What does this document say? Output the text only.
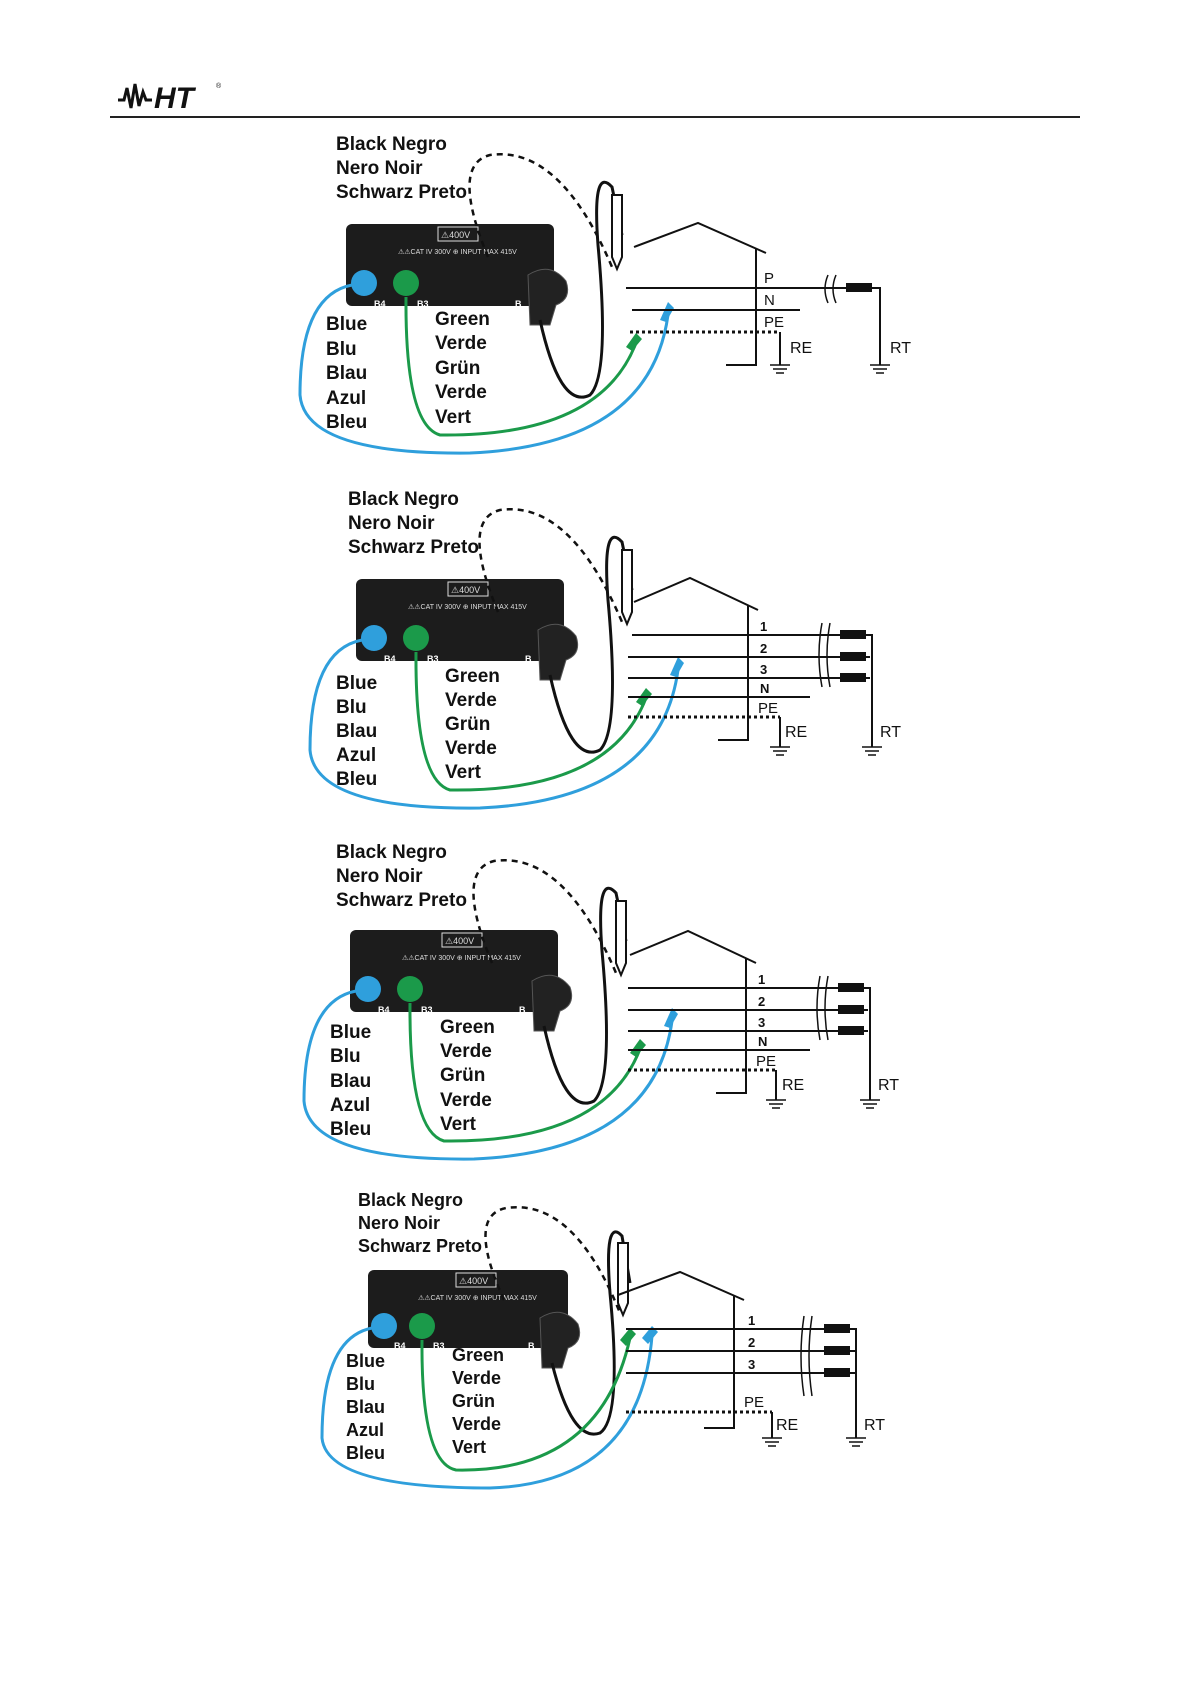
HT	®
Black Negro
Nero Noir
Schwarz Preto
⚠400V
⚠⚠CAT IV 300V ⊕ INPUT MAX 415V
B4	B3	B
Blue
Blu
Blau
Azul
Bleu
Green
Verde
Grün
Verde
Vert
P
N
PE
RE	RT
Black Negro
Nero Noir
Schwarz Preto
⚠400V
⚠⚠CAT IV 300V ⊕ INPUT MAX 415V
B4	B3	B
Blue
Blu
Blau
Azul
Bleu
Green
Verde
Grün
Verde
Vert
1
2
3
N
PE
RE	RT
Black Negro
Nero Noir
Schwarz Preto
⚠400V
⚠⚠CAT IV 300V ⊕ INPUT MAX 415V
B4	B3	B
Blue
Blu
Blau
Azul
Bleu
Green
Verde
Grün
Verde
Vert
1
2
3
N
PE
RE	RT
Black Negro
Nero Noir
Schwarz Preto
⚠400V
⚠⚠CAT IV 300V ⊕ INPUT MAX 415V
B4	B3	B
Blue
Blu
Blau
Azul
Bleu
Green
Verde
Grün
Verde
Vert
1
2
3
PE
RE	RT
